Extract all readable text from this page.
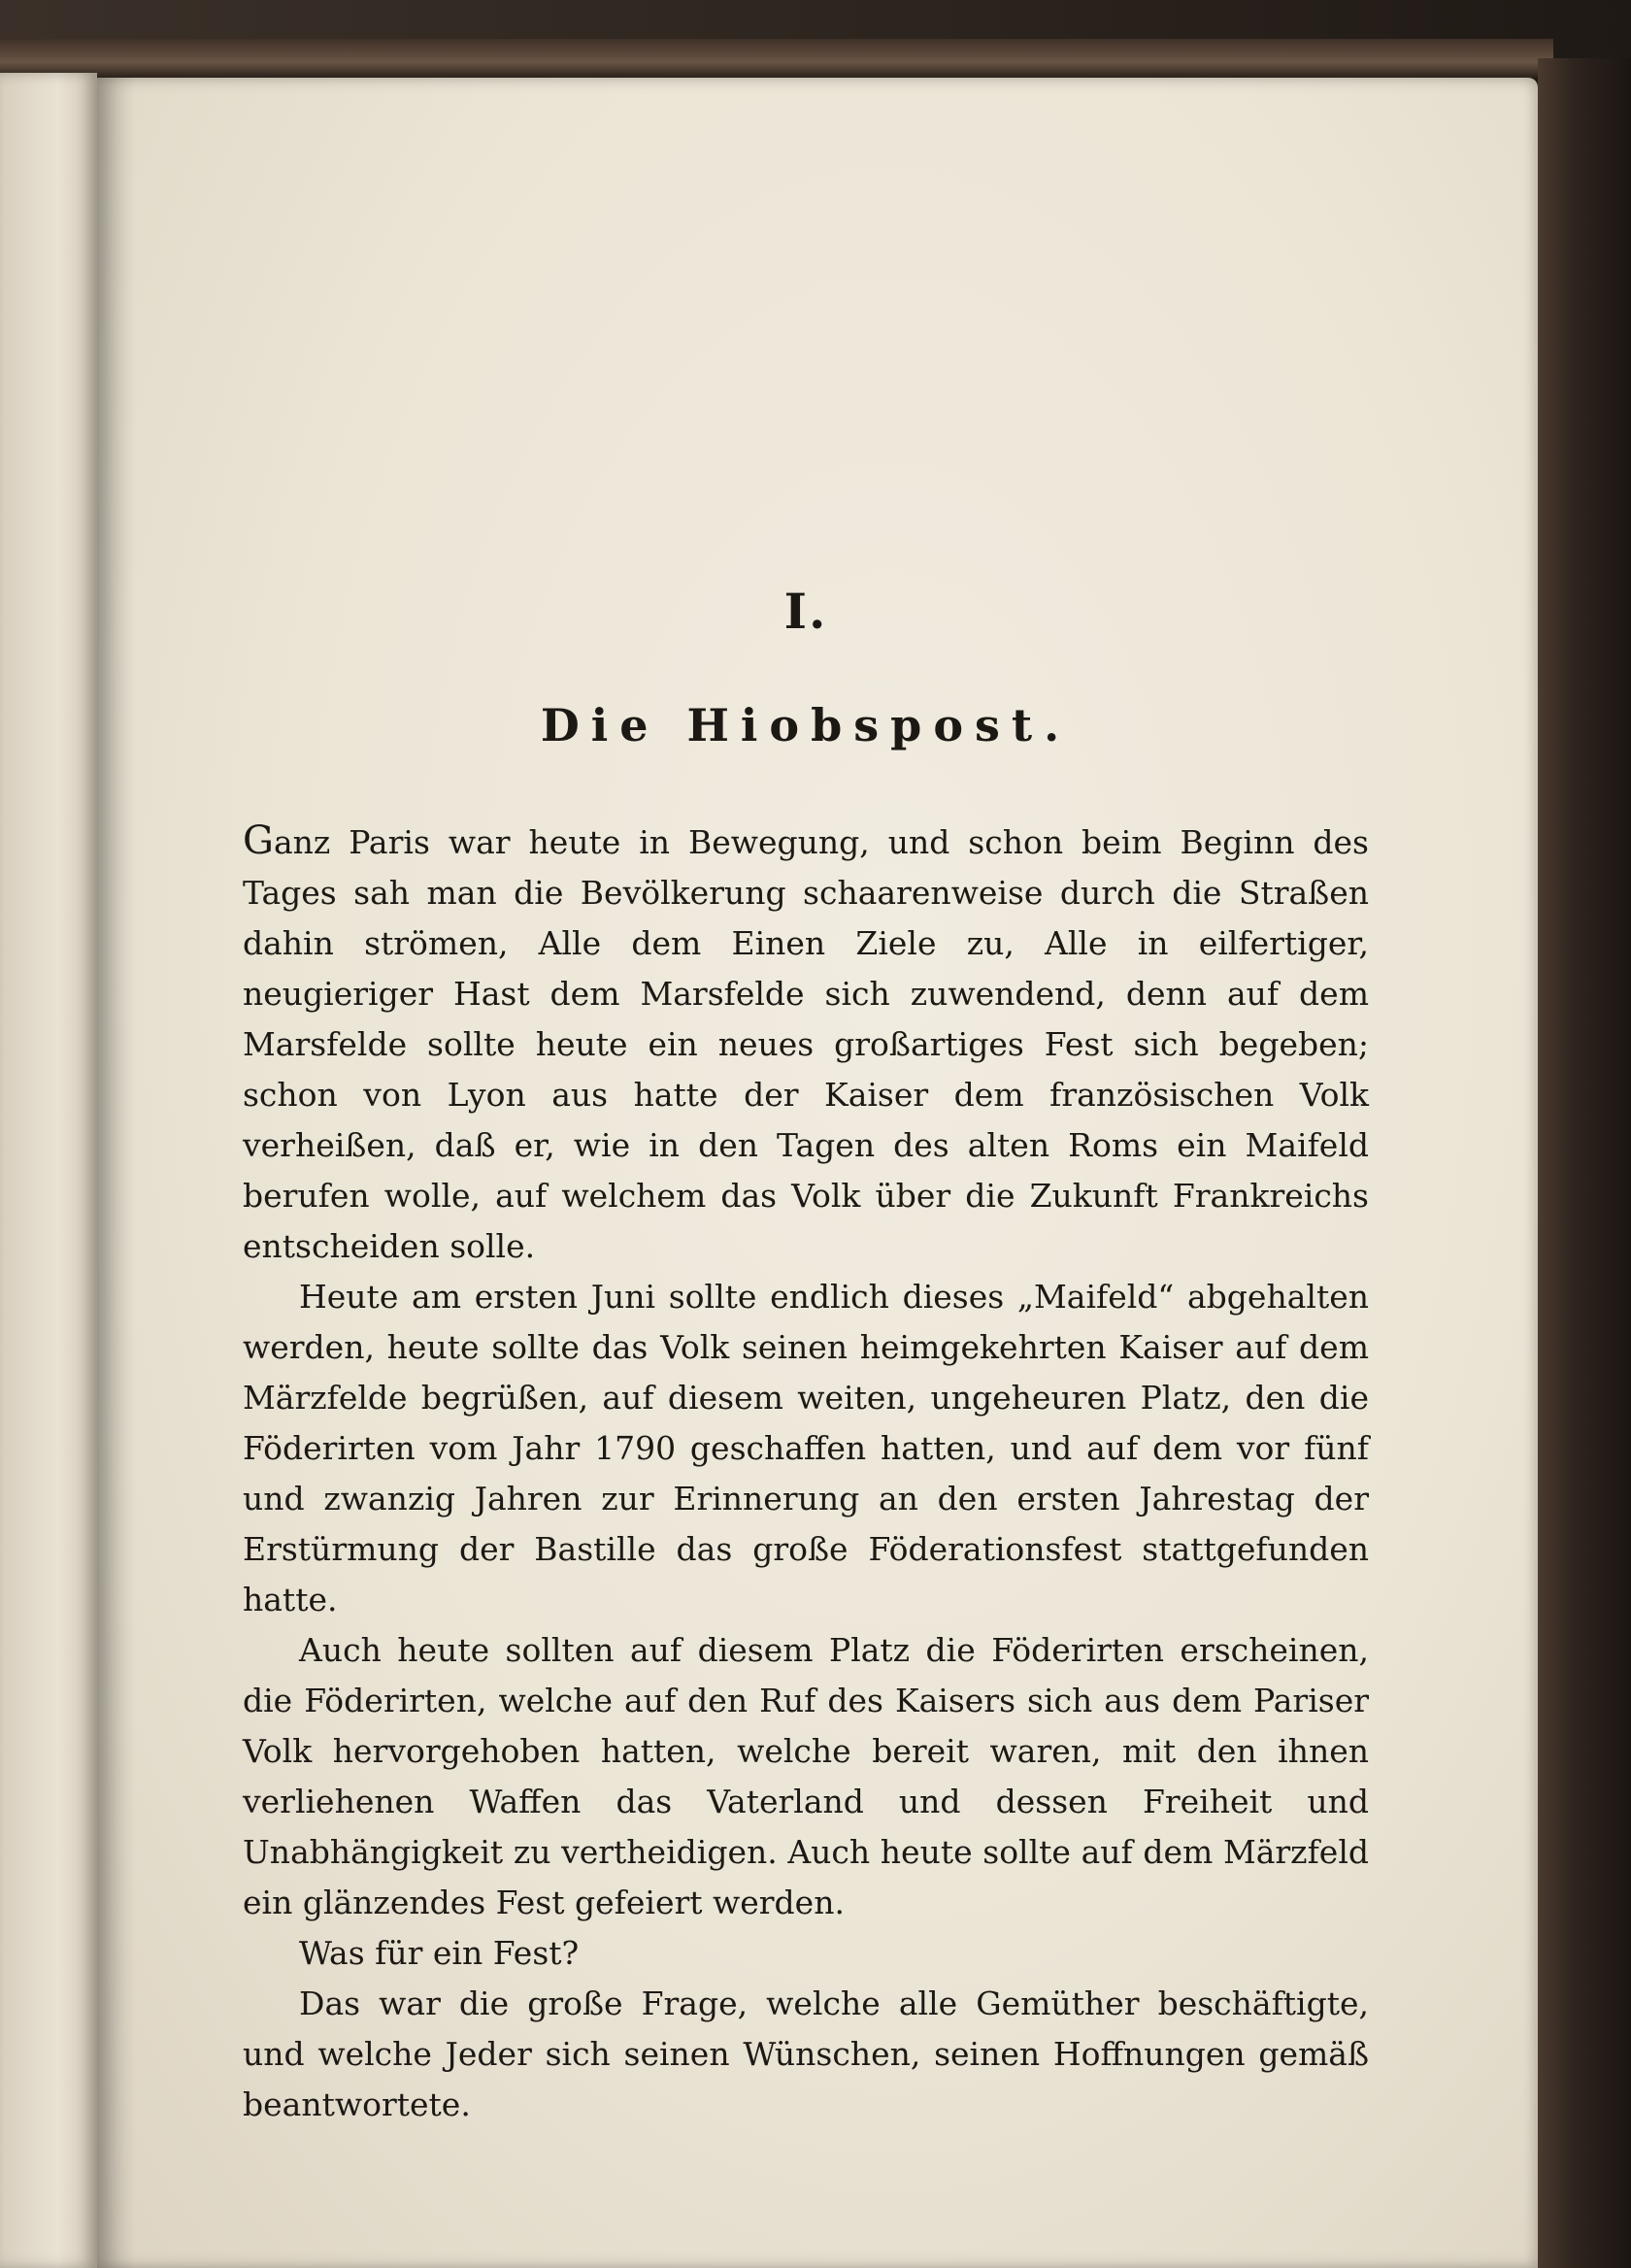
I.
Die Hiobspost.

Ganz Paris war heute in Bewegung, und schon beim Beginn des Tages sah man die Bevölkerung schaarenweise durch die Straßen dahin strömen, Alle dem Einen Ziele zu, Alle in eilfertiger, neugieriger Hast dem Marsfelde sich zuwendend, denn auf dem Marsfelde sollte heute ein neues großartiges Fest sich begeben; schon von Lyon aus hatte der Kaiser dem französischen Volk verheißen, daß er, wie in den Tagen des alten Roms ein Maifeld berufen wolle, auf welchem das Volk über die Zukunft Frankreichs entscheiden solle.

Heute am ersten Juni sollte endlich dieses „Maifeld“ abgehalten werden, heute sollte das Volk seinen heimgekehrten Kaiser auf dem Märzfelde begrüßen, auf diesem weiten, ungeheuren Platz, den die Föderirten vom Jahr 1790 geschaffen hatten, und auf dem vor fünf und zwanzig Jahren zur Erinnerung an den ersten Jahrestag der Erstürmung der Bastille das große Föderationsfest stattgefunden hatte.

Auch heute sollten auf diesem Platz die Föderirten erscheinen, die Föderirten, welche auf den Ruf des Kaisers sich aus dem Pariser Volk hervorgehoben hatten, welche bereit waren, mit den ihnen verliehenen Waffen das Vaterland und dessen Freiheit und Unabhängigkeit zu vertheidigen. Auch heute sollte auf dem Märzfeld ein glänzendes Fest gefeiert werden.

Was für ein Fest?

Das war die große Frage, welche alle Gemüther beschäftigte, und welche Jeder sich seinen Wünschen, seinen Hoffnungen gemäß beantwortete.
